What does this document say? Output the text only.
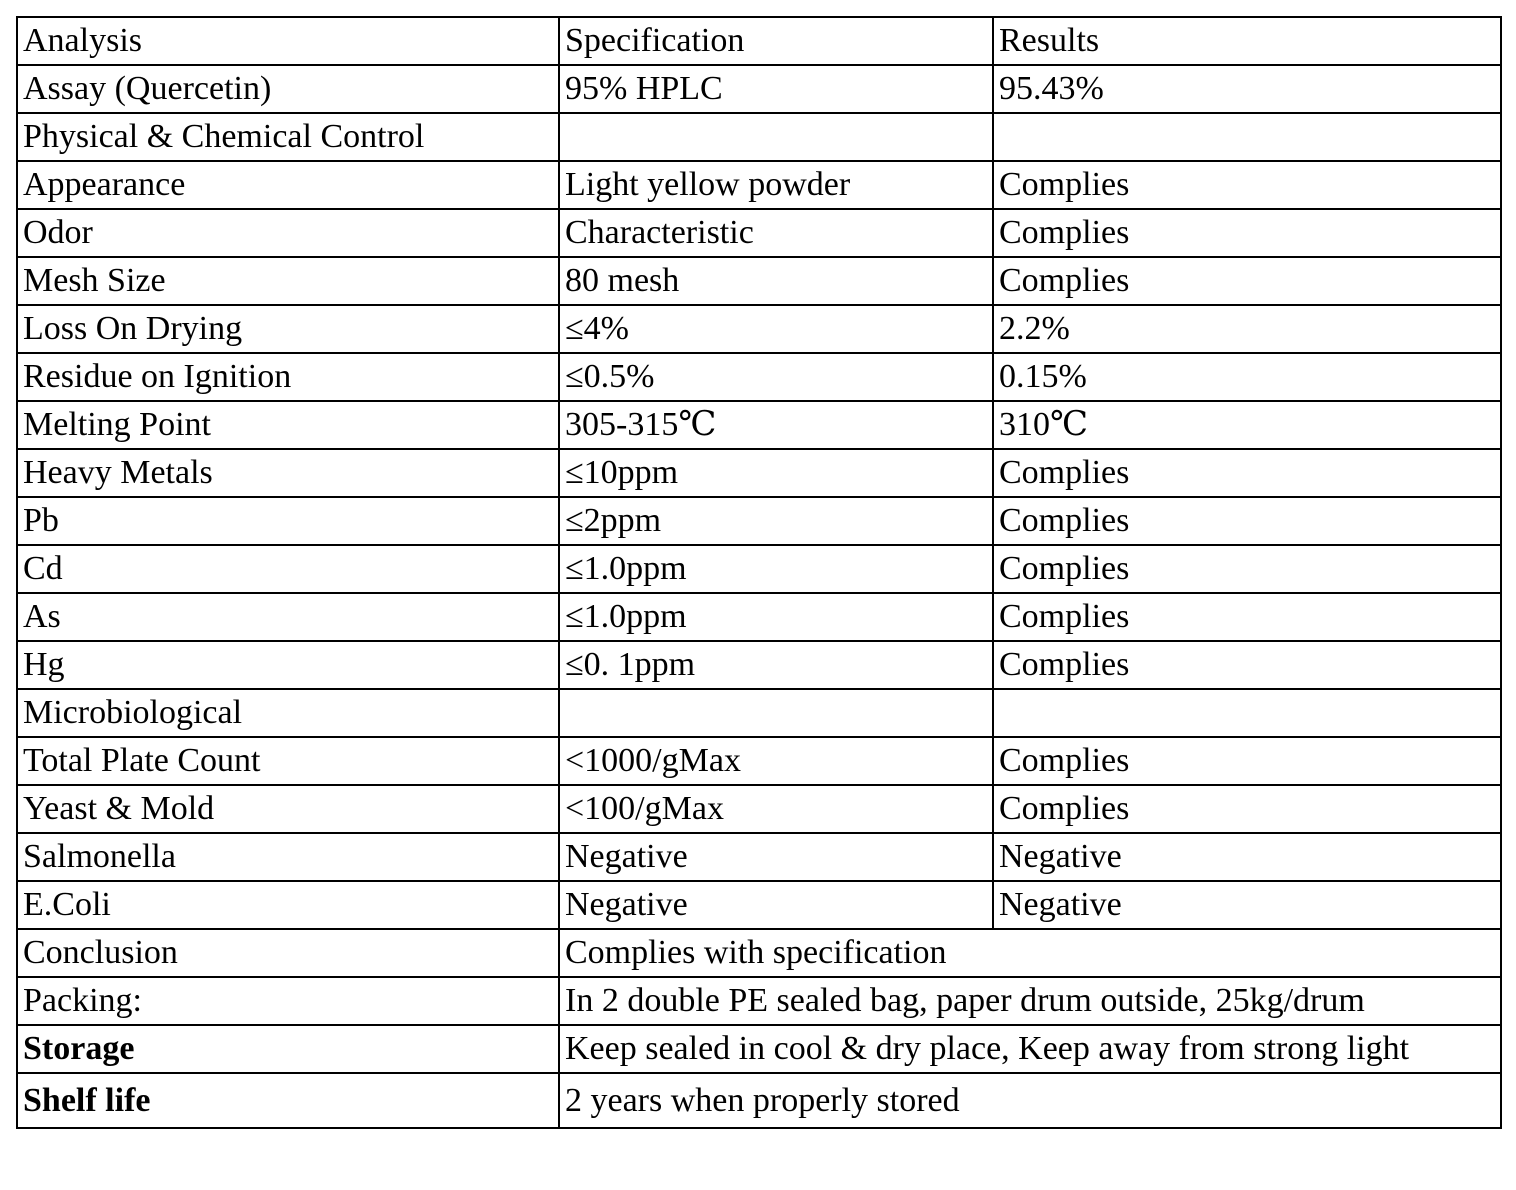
Analysis	Specification	Results
Assay (Quercetin)	95% HPLC	95.43%
Physical & Chemical Control		
Appearance	Light yellow powder	Complies
Odor	Characteristic	Complies
Mesh Size	80 mesh	Complies
Loss On Drying	≤4%	2.2%
Residue on Ignition	≤0.5%	0.15%
Melting Point	305-315℃	310℃
Heavy Metals	≤10ppm	Complies
Pb	≤2ppm	Complies
Cd	≤1.0ppm	Complies
As	≤1.0ppm	Complies
Hg	≤0. 1ppm	Complies
Microbiological		
Total Plate Count	<1000/gMax	Complies
Yeast & Mold	<100/gMax	Complies
Salmonella	Negative	Negative
E.Coli	Negative	Negative
Conclusion	Complies with specification	
Packing:	In 2 double PE sealed bag, paper drum outside, 25kg/drum	
Storage	Keep sealed in cool & dry place, Keep away from strong light	
Shelf life	2 years when properly stored	
